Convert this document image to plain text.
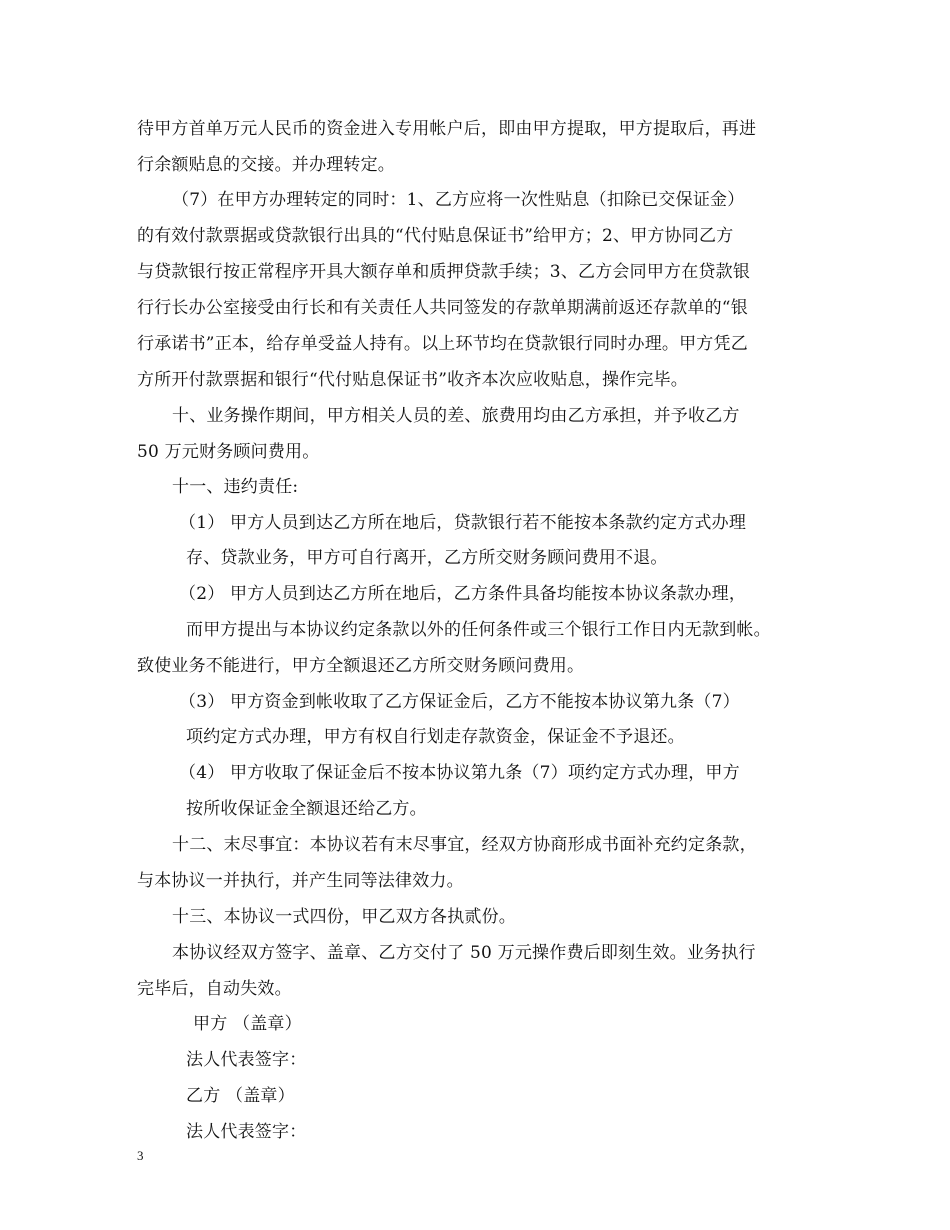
待甲方首单万元人民币的资金进入专用帐户后，即由甲方提取，甲方提取后，再进
行余额贴息的交接。并办理转定。
（7）在甲方办理转定的同时：1、乙方应将一次性贴息（扣除已交保证金）
的有效付款票据或贷款银行出具的“代付贴息保证书”给甲方；2、甲方协同乙方
与贷款银行按正常程序开具大额存单和质押贷款手续；3、乙方会同甲方在贷款银
行行长办公室接受由行长和有关责任人共同签发的存款单期满前返还存款单的“银
行承诺书”正本，给存单受益人持有。以上环节均在贷款银行同时办理。甲方凭乙
方所开付款票据和银行“代付贴息保证书”收齐本次应收贴息，操作完毕。
十、业务操作期间，甲方相关人员的差、旅费用均由乙方承担，并予收乙方
50 万元财务顾问费用。
十一、违约责任:
（1） 甲方人员到达乙方所在地后，贷款银行若不能按本条款约定方式办理
存、贷款业务，甲方可自行离开，乙方所交财务顾问费用不退。
（2） 甲方人员到达乙方所在地后，乙方条件具备均能按本协议条款办理，
而甲方提出与本协议约定条款以外的任何条件或三个银行工作日内无款到帐。
致使业务不能进行，甲方全额退还乙方所交财务顾问费用。
（3） 甲方资金到帐收取了乙方保证金后，乙方不能按本协议第九条（7）
项约定方式办理，甲方有权自行划走存款资金，保证金不予退还。
（4） 甲方收取了保证金后不按本协议第九条（7）项约定方式办理，甲方
按所收保证金全额退还给乙方。
十二、末尽事宜：本协议若有末尽事宜，经双方协商形成书面补充约定条款，
与本协议一并执行，并产生同等法律效力。
十三、本协议一式四份，甲乙双方各执贰份。
本协议经双方签字、盖章、乙方交付了 50 万元操作费后即刻生效。业务执行
完毕后，自动失效。
甲方 （盖章）
法人代表签字：
乙方 （盖章）
法人代表签字：
3
